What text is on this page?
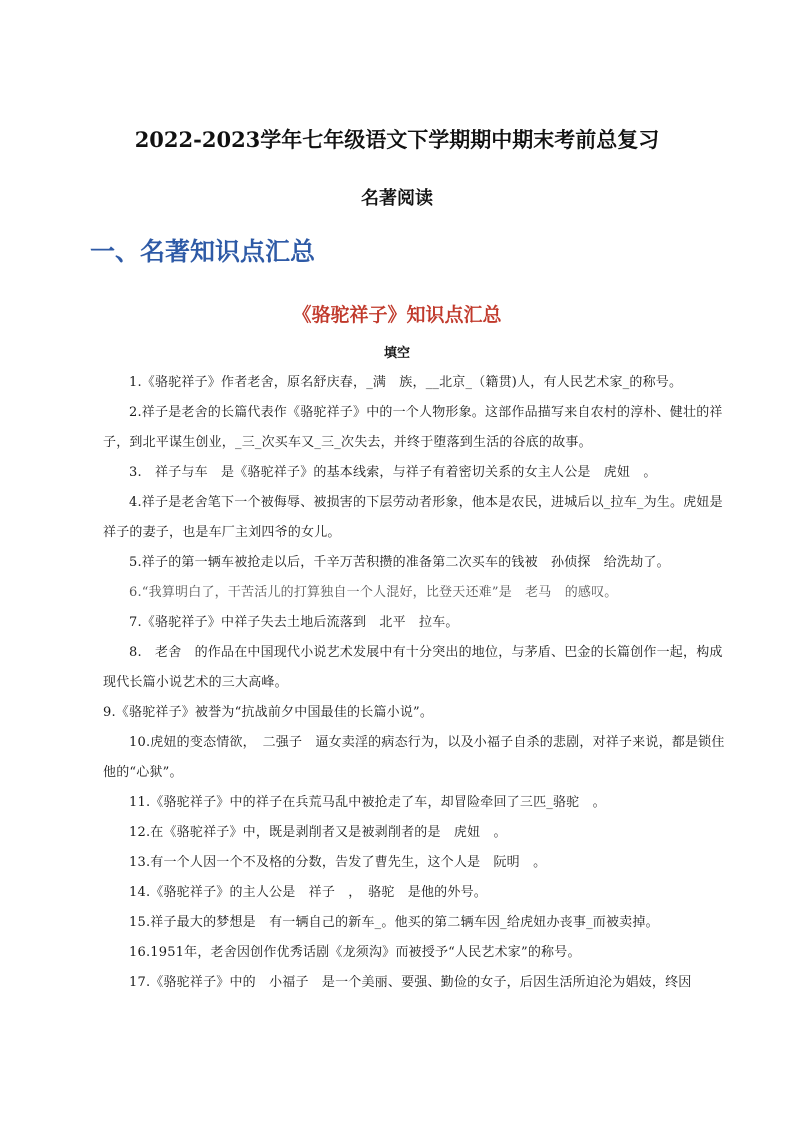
2022-2023学年七年级语文下学期期中期末考前总复习
名著阅读
一、名著知识点汇总
《骆驼祥子》知识点汇总
填空

1.《骆驼祥子》作者老舍，原名舒庆春，_满　族，__北京_（籍贯)人，有人民艺术家_的称号。

2.祥子是老舍的长篇代表作《骆驼祥子》中的一个人物形象。这部作品描写来自农村的淳朴、健壮的祥子，到北平谋生创业，_三_次买车又_三_次失去，并终于堕落到生活的谷底的故事。

3.　祥子与车　是《骆驼祥子》的基本线索，与祥子有着密切关系的女主人公是　虎妞　。

4.祥子是老舍笔下一个被侮辱、被损害的下层劳动者形象，他本是农民，进城后以_拉车_为生。虎妞是祥子的妻子，也是车厂主刘四爷的女儿。

5.祥子的第一辆车被抢走以后，千辛万苦积攒的准备第二次买车的钱被　孙侦探　给洗劫了。

6.“我算明白了，干苦活儿的打算独自一个人混好，比登天还难”是　老马　的感叹。

7.《骆驼祥子》中祥子失去土地后流落到　北平　拉车。

8.　老舍　的作品在中国现代小说艺术发展中有十分突出的地位，与茅盾、巴金的长篇创作一起，构成现代长篇小说艺术的三大高峰。

9.《骆驼祥子》被誉为“抗战前夕中国最佳的长篇小说”。

10.虎妞的变态情欲，　二强子　逼女卖淫的病态行为，以及小福子自杀的悲剧，对祥子来说，都是锁住他的“心狱”。

11.《骆驼祥子》中的祥子在兵荒马乱中被抢走了车，却冒险牵回了三匹_骆驼　。

12.在《骆驼祥子》中，既是剥削者又是被剥削者的是　虎妞　。

13.有一个人因一个不及格的分数，告发了曹先生，这个人是　阮明　。

14.《骆驼祥子》的主人公是　祥子　，　骆驼　是他的外号。

15.祥子最大的梦想是　有一辆自己的新车_。他买的第二辆车因_给虎妞办丧事_而被卖掉。

16.1951年，老舍因创作优秀话剧《龙须沟》而被授予“人民艺术家”的称号。

17.《骆驼祥子》中的　小福子　是一个美丽、要强、勤俭的女子，后因生活所迫沦为娼妓，终因
